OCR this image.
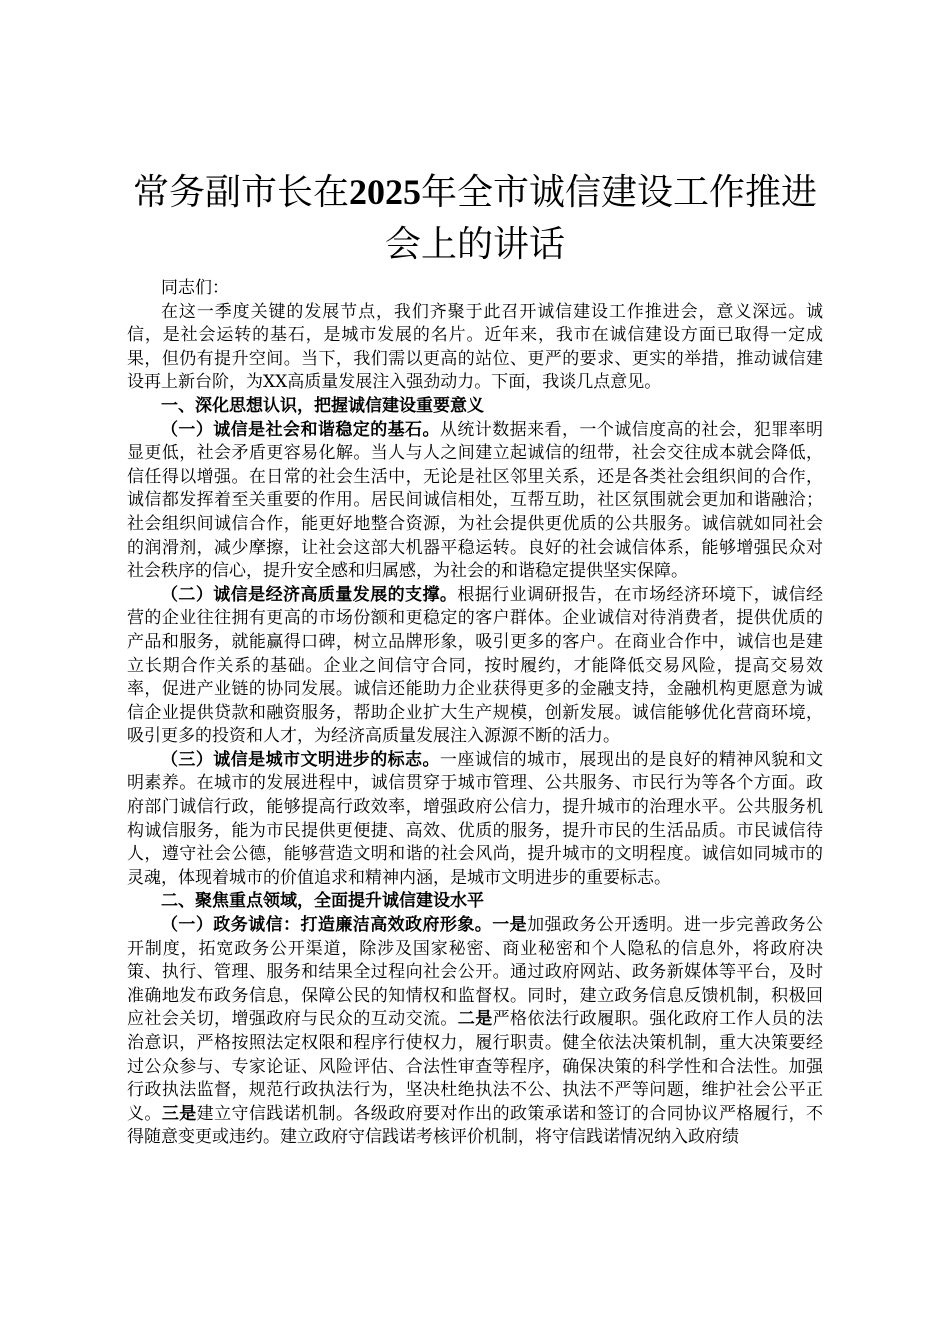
常务副市长在2025年全市诚信建设工作推进会上的讲话

同志们：

在这一季度关键的发展节点，我们齐聚于此召开诚信建设工作推进会，意义深远。诚信，是社会运转的基石，是城市发展的名片。近年来，我市在诚信建设方面已取得一定成果，但仍有提升空间。当下，我们需以更高的站位、更严的要求、更实的举措，推动诚信建设再上新台阶，为XX高质量发展注入强劲动力。下面，我谈几点意见。

一、深化思想认识，把握诚信建设重要意义

（一）诚信是社会和谐稳定的基石。从统计数据来看，一个诚信度高的社会，犯罪率明显更低，社会矛盾更容易化解。当人与人之间建立起诚信的纽带，社会交往成本就会降低，信任得以增强。在日常的社会生活中，无论是社区邻里关系，还是各类社会组织间的合作，诚信都发挥着至关重要的作用。居民间诚信相处，互帮互助，社区氛围就会更加和谐融洽；社会组织间诚信合作，能更好地整合资源，为社会提供更优质的公共服务。诚信就如同社会的润滑剂，减少摩擦，让社会这部大机器平稳运转。良好的社会诚信体系，能够增强民众对社会秩序的信心，提升安全感和归属感，为社会的和谐稳定提供坚实保障。

（二）诚信是经济高质量发展的支撑。根据行业调研报告，在市场经济环境下，诚信经营的企业往往拥有更高的市场份额和更稳定的客户群体。企业诚信对待消费者，提供优质的产品和服务，就能赢得口碑，树立品牌形象，吸引更多的客户。在商业合作中，诚信也是建立长期合作关系的基础。企业之间信守合同，按时履约，才能降低交易风险，提高交易效率，促进产业链的协同发展。诚信还能助力企业获得更多的金融支持，金融机构更愿意为诚信企业提供贷款和融资服务，帮助企业扩大生产规模，创新发展。诚信能够优化营商环境，吸引更多的投资和人才，为经济高质量发展注入源源不断的活力。

（三）诚信是城市文明进步的标志。一座诚信的城市，展现出的是良好的精神风貌和文明素养。在城市的发展进程中，诚信贯穿于城市管理、公共服务、市民行为等各个方面。政府部门诚信行政，能够提高行政效率，增强政府公信力，提升城市的治理水平。公共服务机构诚信服务，能为市民提供更便捷、高效、优质的服务，提升市民的生活品质。市民诚信待人，遵守社会公德，能够营造文明和谐的社会风尚，提升城市的文明程度。诚信如同城市的灵魂，体现着城市的价值追求和精神内涵，是城市文明进步的重要标志。

二、聚焦重点领域，全面提升诚信建设水平

（一）政务诚信：打造廉洁高效政府形象。一是加强政务公开透明。进一步完善政务公开制度，拓宽政务公开渠道，除涉及国家秘密、商业秘密和个人隐私的信息外，将政府决策、执行、管理、服务和结果全过程向社会公开。通过政府网站、政务新媒体等平台，及时准确地发布政务信息，保障公民的知情权和监督权。同时，建立政务信息反馈机制，积极回应社会关切，增强政府与民众的互动交流。二是严格依法行政履职。强化政府工作人员的法治意识，严格按照法定权限和程序行使权力，履行职责。健全依法决策机制，重大决策要经过公众参与、专家论证、风险评估、合法性审查等程序，确保决策的科学性和合法性。加强行政执法监督，规范行政执法行为，坚决杜绝执法不公、执法不严等问题，维护社会公平正义。三是建立守信践诺机制。各级政府要对作出的政策承诺和签订的合同协议严格履行，不得随意变更或违约。建立政府守信践诺考核评价机制，将守信践诺情况纳入政府绩
